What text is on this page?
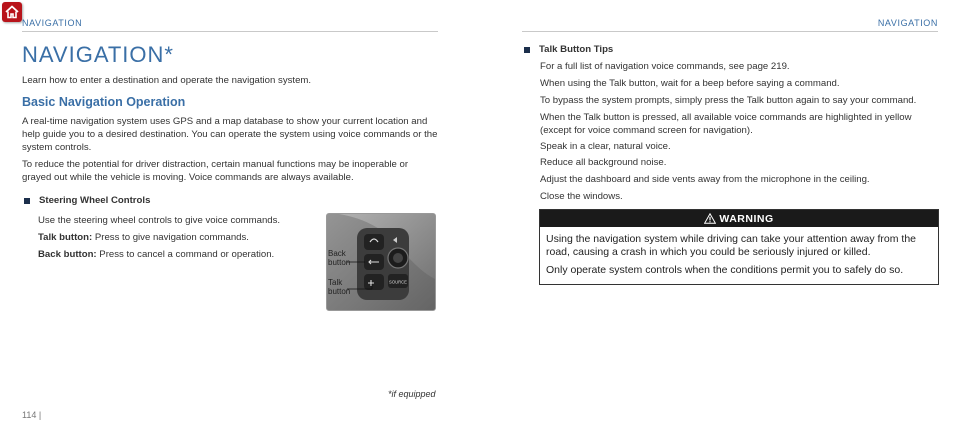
NAVIGATION	NAVIGATION
NAVIGATION*
Learn how to enter a destination and operate the navigation system.
Basic Navigation Operation
A real-time navigation system uses GPS and a map database to show your current location and help guide you to a desired destination. You can operate the system using voice commands or the system controls.
To reduce the potential for driver distraction, certain manual functions may be inoperable or grayed out while the vehicle is moving. Voice commands are always available.
Steering Wheel Controls
Use the steering wheel controls to give voice commands.
Talk button: Press to give navigation commands.
Back button: Press to cancel a command or operation.
SOURCE
Back
button
Talk
button
*if equipped
114 |
Talk Button Tips
For a full list of navigation voice commands, see page 219.
When using the Talk button, wait for a beep before saying a command.
To bypass the system prompts, simply press the Talk button again to say your command.
When the Talk button is pressed, all available voice commands are highlighted in yellow (except for voice command screen for navigation).
Speak in a clear, natural voice.
Reduce all background noise.
Adjust the dashboard and side vents away from the microphone in the ceiling.
Close the windows.
WARNING
Using the navigation system while driving can take your attention away from the road, causing a crash in which you could be seriously injured or killed.
Only operate system controls when the conditions permit you to safely do so.
